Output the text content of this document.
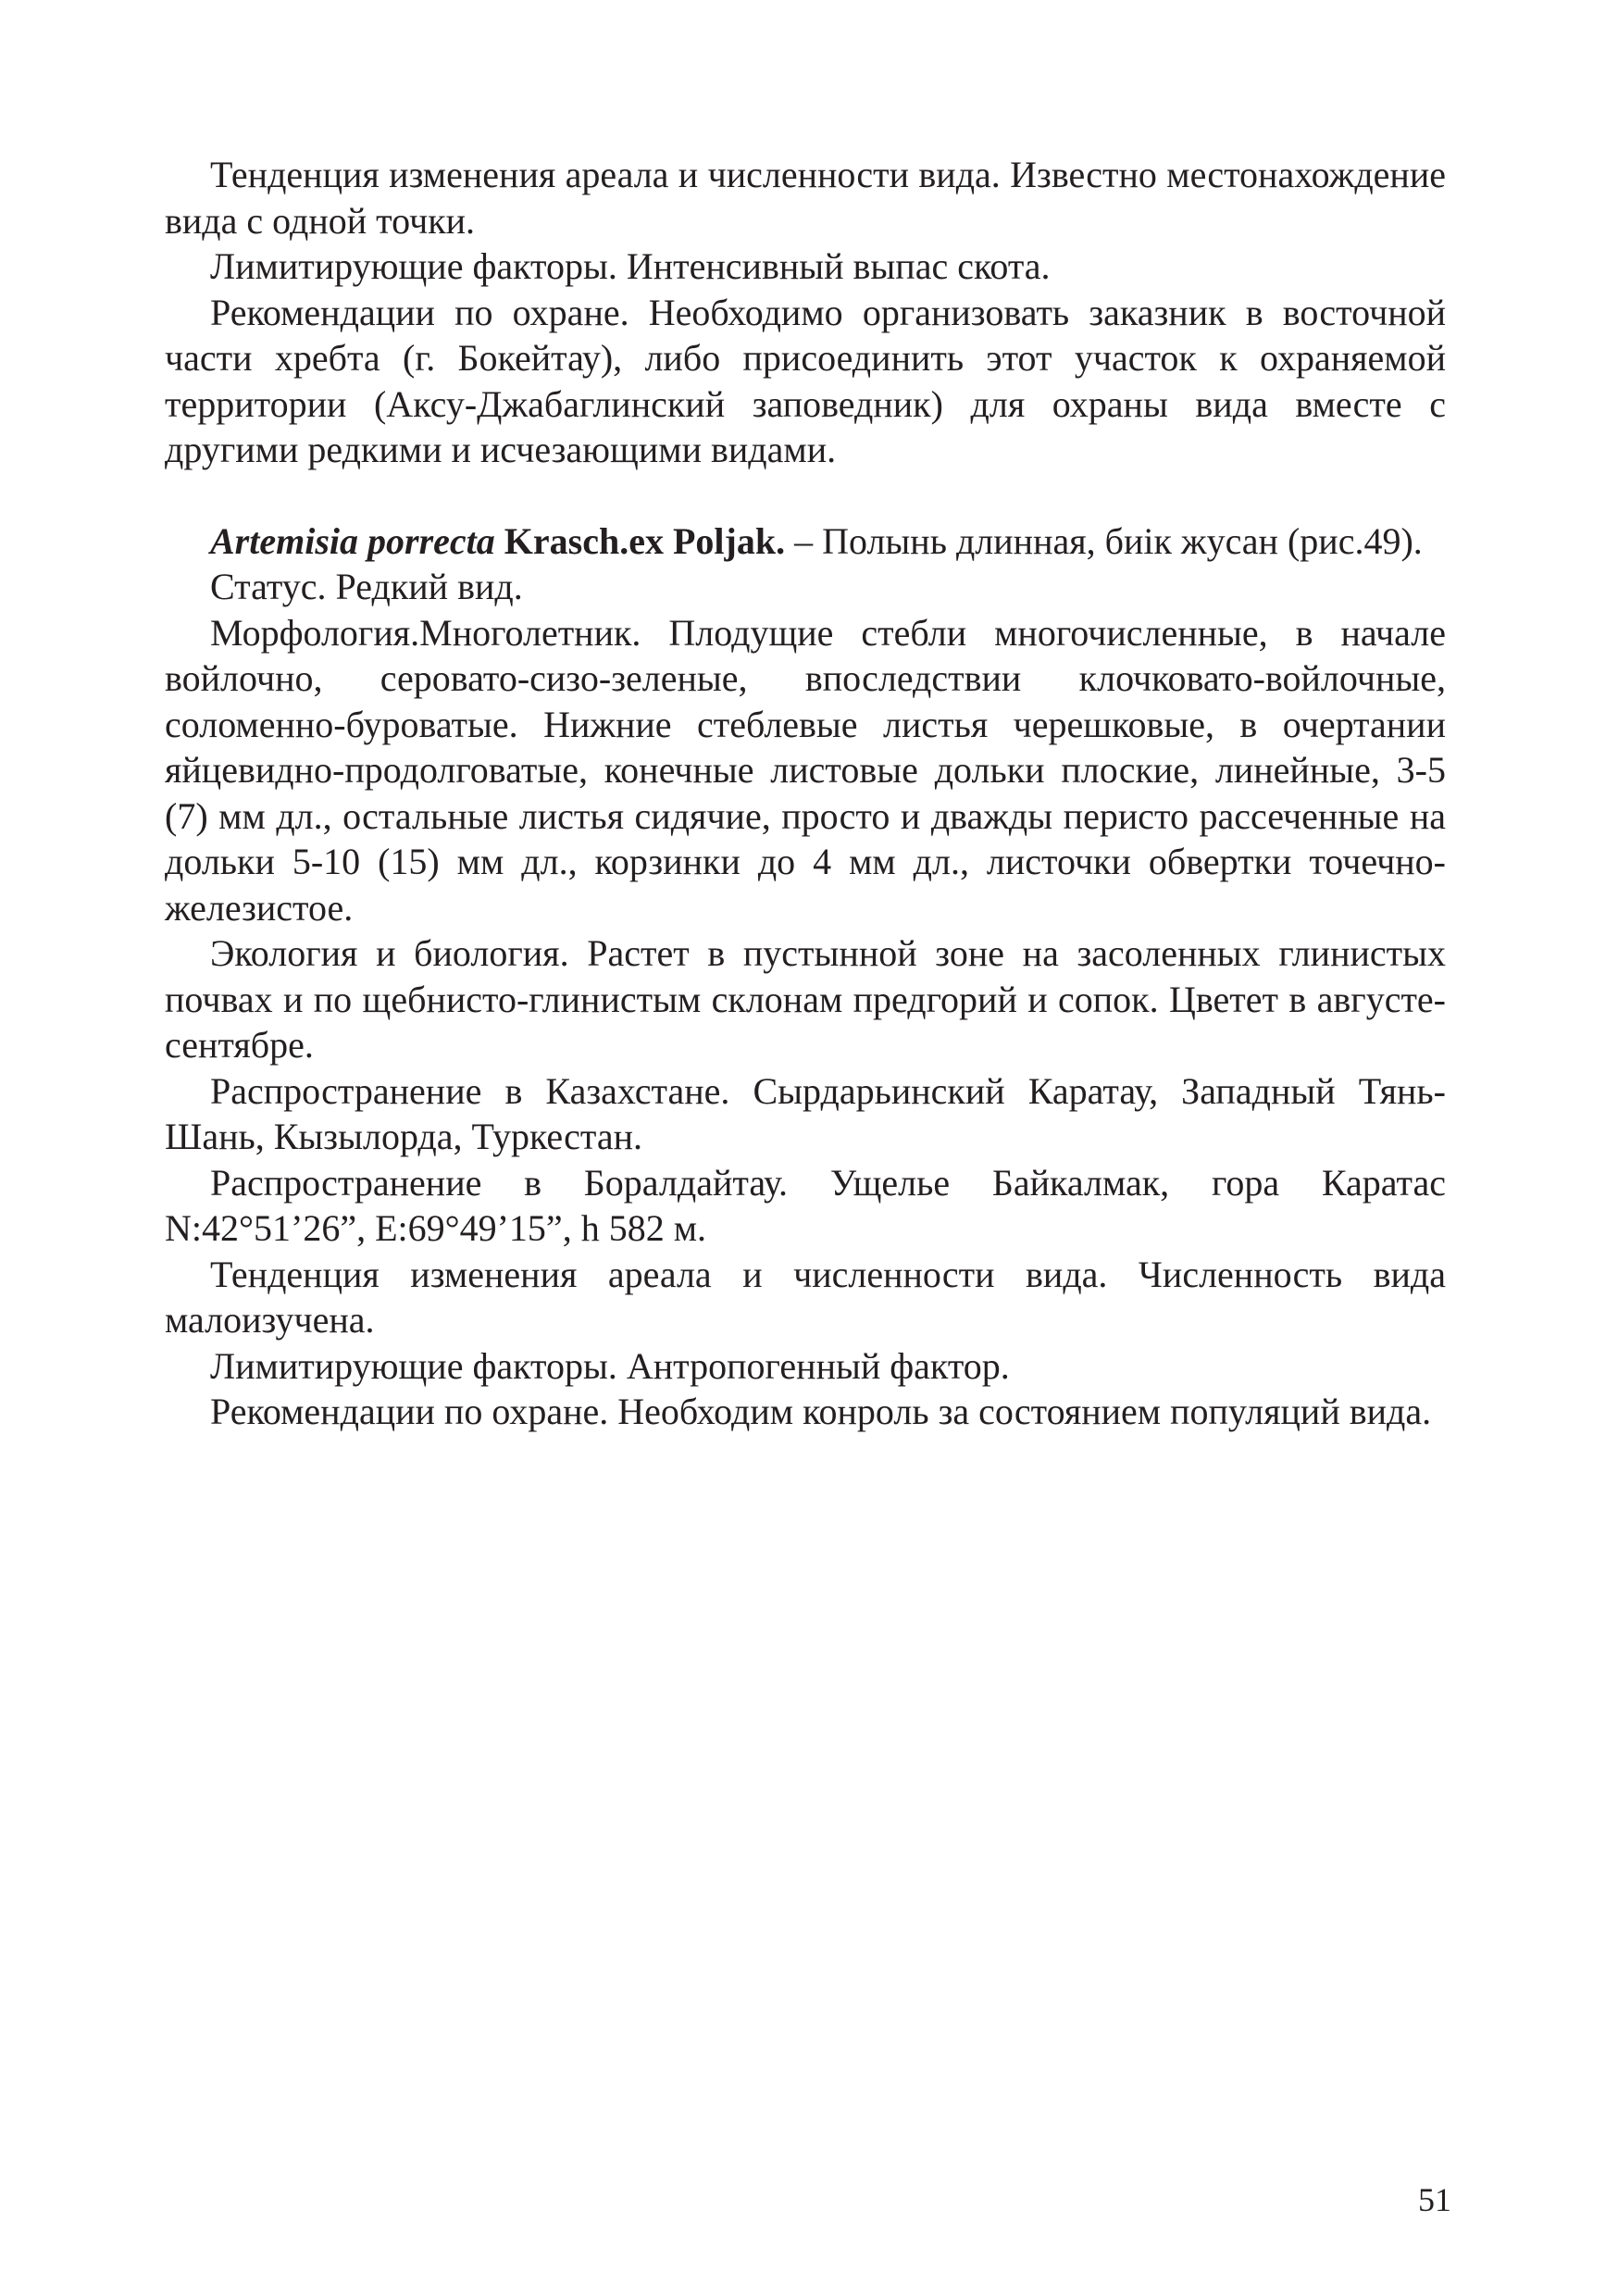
Тенденция изменения ареала и численности вида. Известно местонахождение вида с одной точки.

Лимитирующие факторы. Интенсивный выпас скота.

Рекомендации по охране. Необходимо организовать заказник в восточной части хребта (г. Бокейтау), либо присоединить этот участок к охраняемой территории (Аксу-Джабаглинский заповедник) для охраны вида вместе с другими редкими и исчезающими видами.

Artemisia porrecta Krasch.ex Poljak. – Полынь длинная, биік жусан (рис.49).

Статус. Редкий вид.

Морфология.Многолетник. Плодущие стебли многочисленные, в начале войлочно, серовато-сизо-зеленые, впоследствии клочковато-войлочные, соломенно-буроватые. Нижние стеблевые листья черешковые, в очертании яйцевидно-продолговатые, конечные листовые дольки плоские, линейные, 3-5 (7) мм дл., остальные листья сидячие, просто и дважды перисто рассеченные на дольки 5-10 (15) мм дл., корзинки до 4 мм дл., листочки обвертки точечно-железистое.

Экология и биология. Растет в пустынной зоне на засоленных глинистых почвах и по щебнисто-глинистым склонам предгорий и сопок. Цветет в августе-сентябре.

Распространение в Казахстане. Сырдарьинский Каратау, Западный Тянь-Шань, Кызылорда, Туркестан.

Распространение в Боралдайтау. Ущелье Байкалмак, гора Каратас N:42°51’26”, E:69°49’15”, h 582 м.

Тенденция изменения ареала и численности вида. Численность вида малоизучена.

Лимитирующие факторы. Антропогенный фактор.

Рекомендации по охране. Необходим конроль за состоянием популяций вида.

51
